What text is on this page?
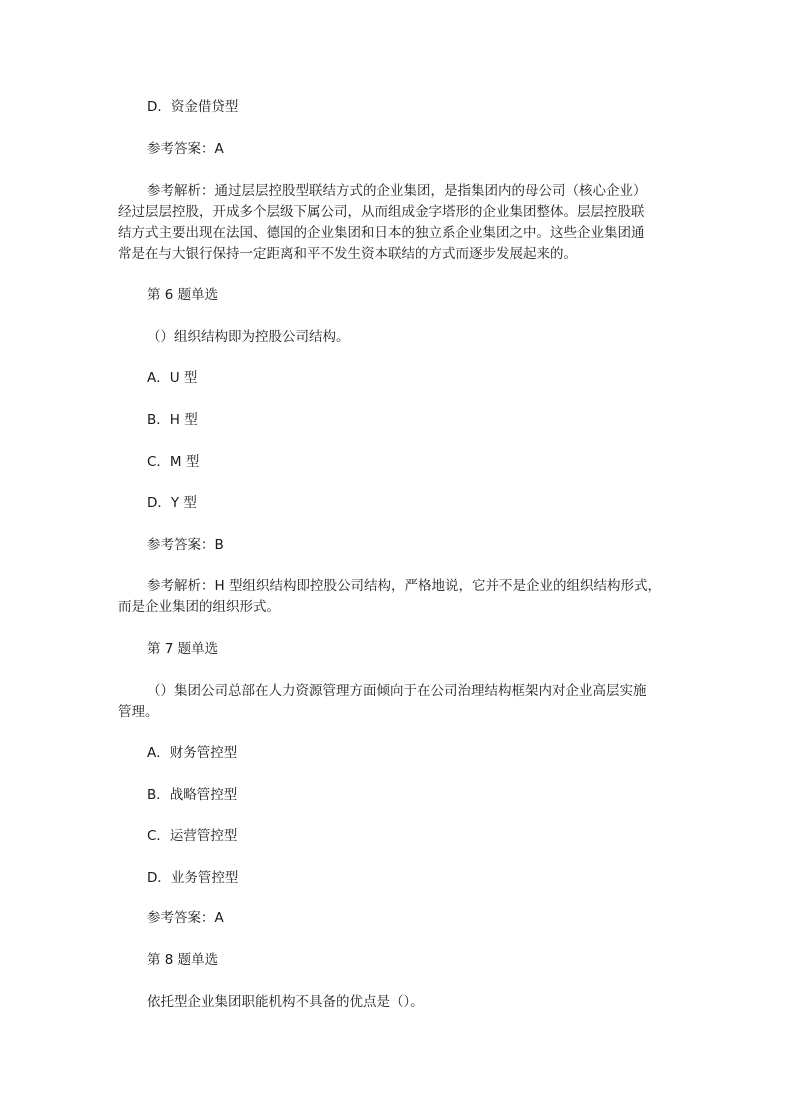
D．资金借贷型
参考答案：A
参考解析：通过层层控股型联结方式的企业集团，是指集团内的母公司（核心企业）
经过层层控股，开成多个层级下属公司，从而组成金字塔形的企业集团整体。层层控股联
结方式主要出现在法国、德国的企业集团和日本的独立系企业集团之中。这些企业集团通
常是在与大银行保持一定距离和平不发生资本联结的方式而逐步发展起来的。
第 6 题单选
（）组织结构即为控股公司结构。
A．U 型
B．H 型
C．M 型
D．Y 型
参考答案：B
参考解析：H 型组织结构即控股公司结构，严格地说，它并不是企业的组织结构形式，
而是企业集团的组织形式。
第 7 题单选
（）集团公司总部在人力资源管理方面倾向于在公司治理结构框架内对企业高层实施
管理。
A．财务管控型
B．战略管控型
C．运营管控型
D．业务管控型
参考答案：A
第 8 题单选
依托型企业集团职能机构不具备的优点是（）。
